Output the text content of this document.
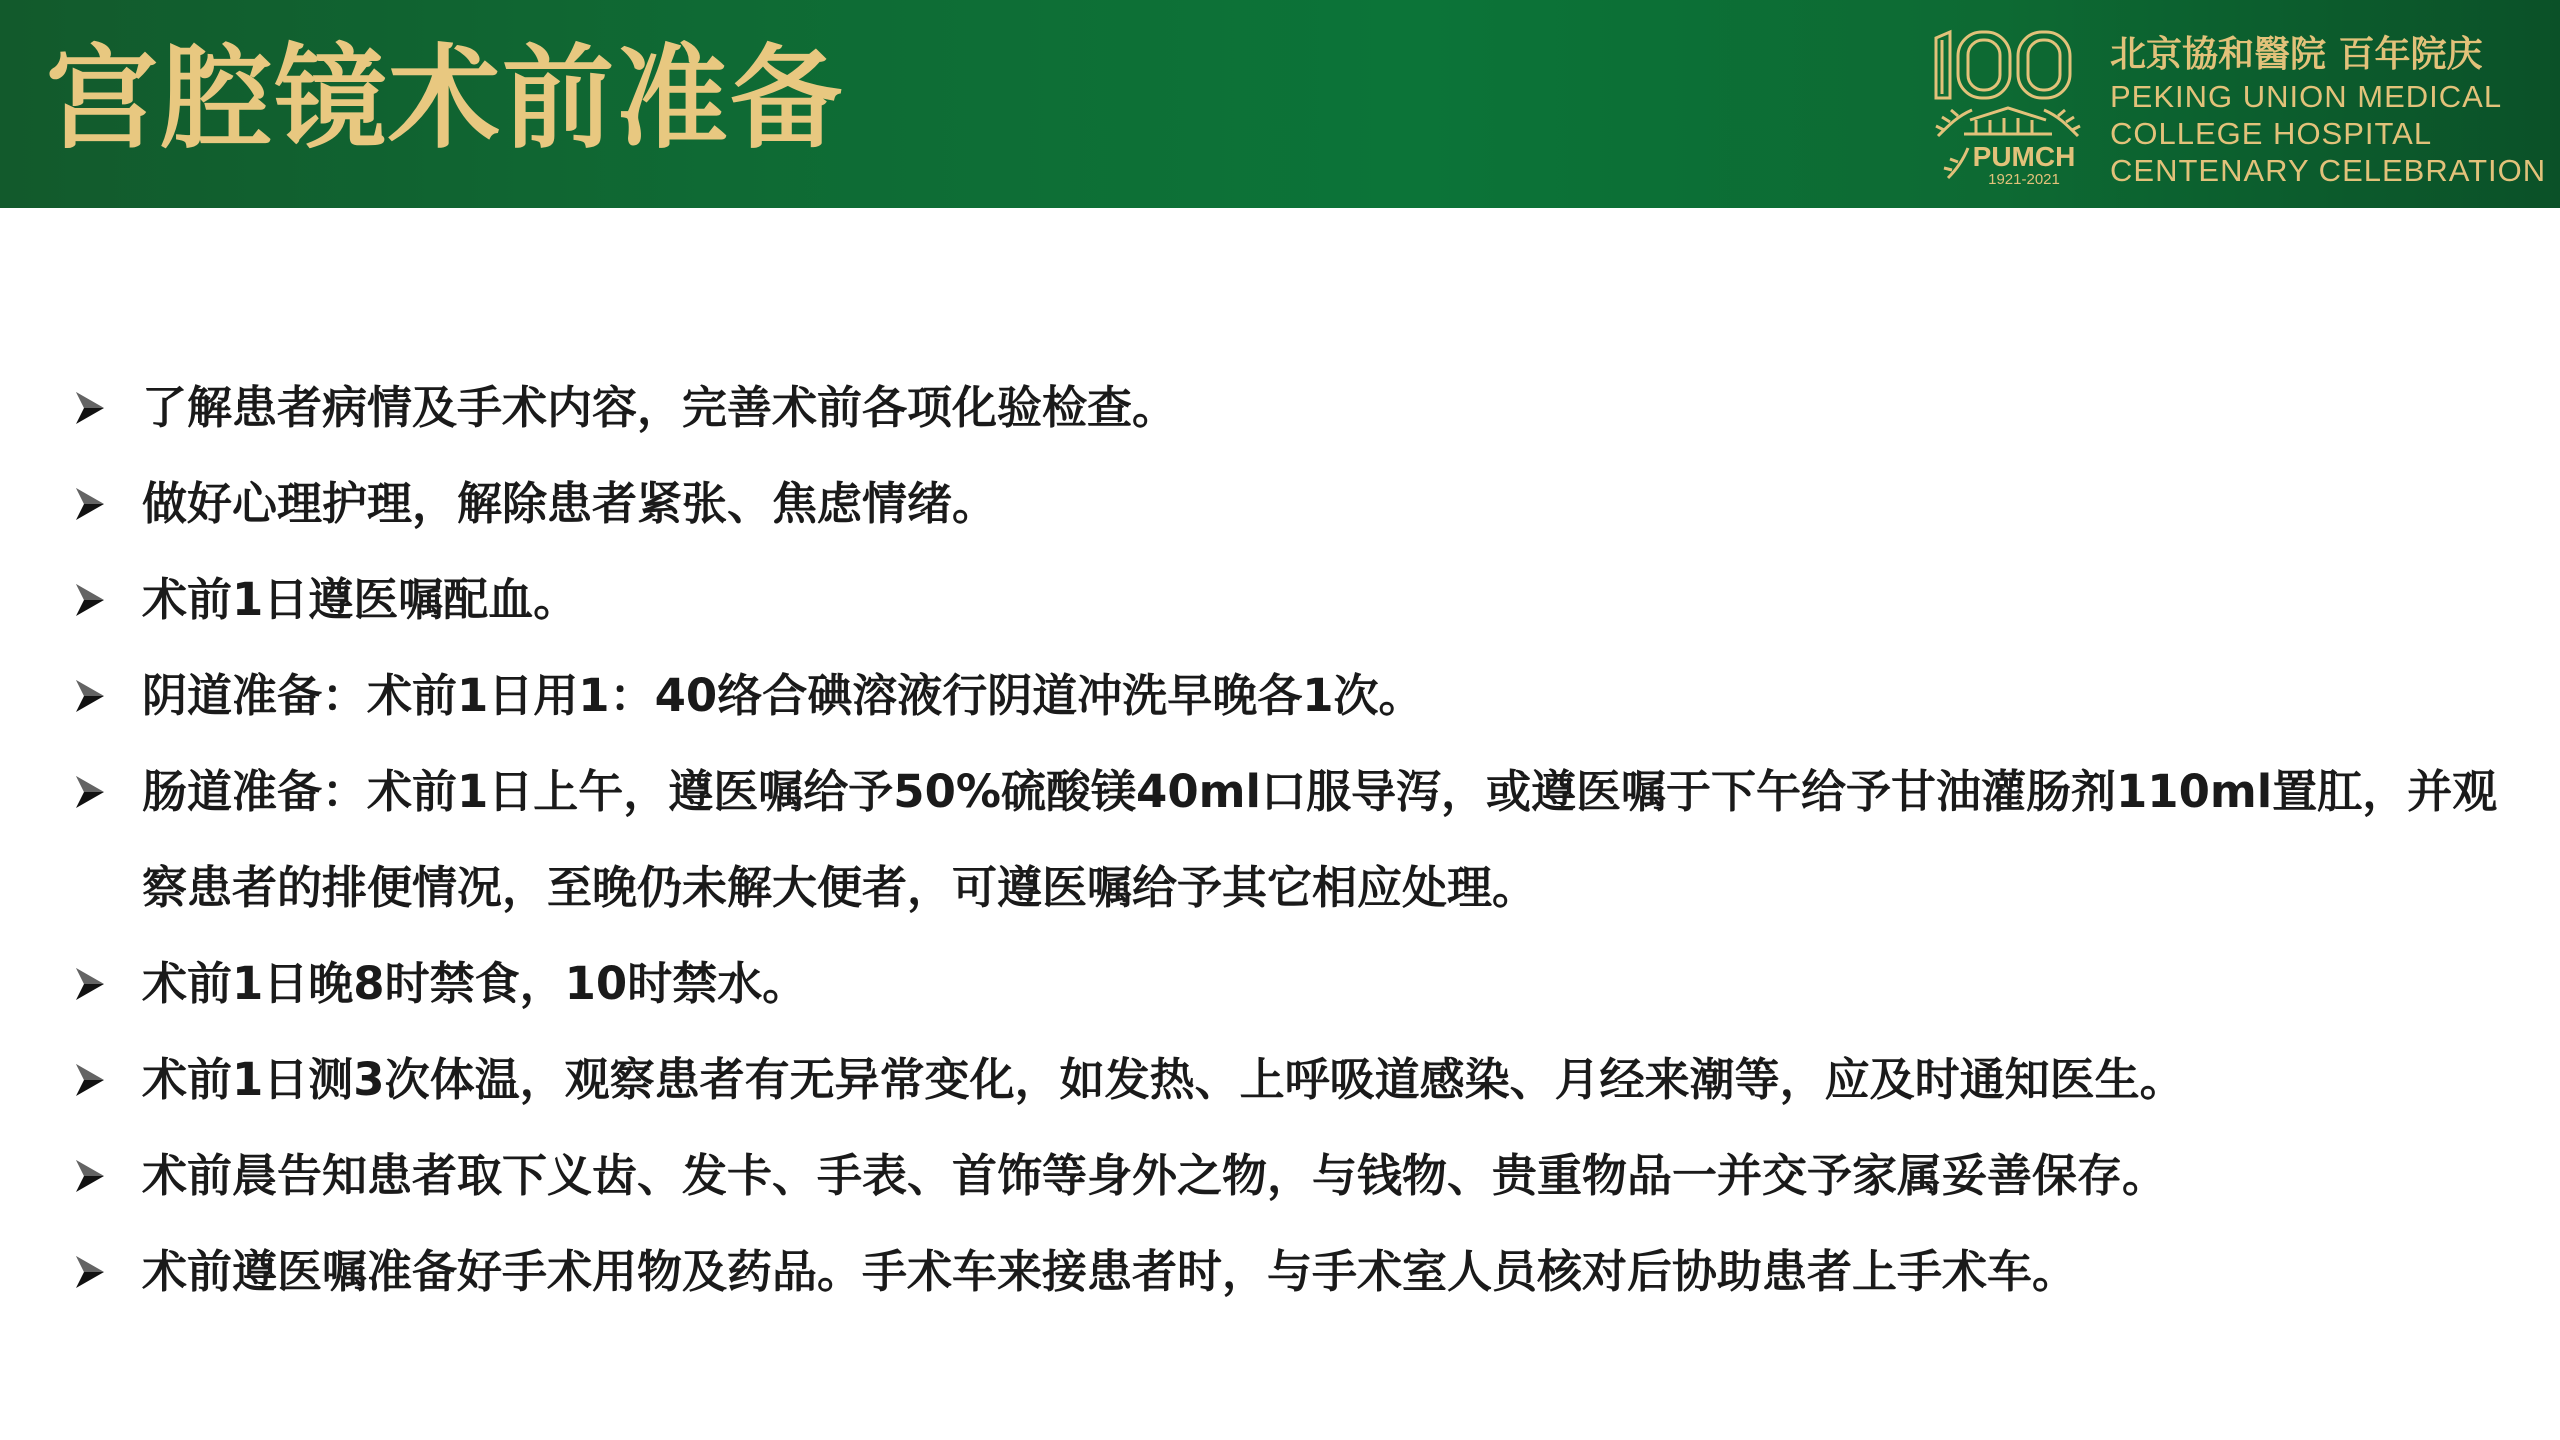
宫腔镜术前准备	PUMCH
1921-2021
北京協和醫院 百年院庆
PEKING UNION MEDICAL
COLLEGE HOSPITAL
CENTENARY CELEBRATION
了解患者病情及手术内容，完善术前各项化验检查。
做好心理护理，解除患者紧张、焦虑情绪。
术前1日遵医嘱配血。
阴道准备：术前1日用1：40络合碘溶液行阴道冲洗早晚各1次。
肠道准备：术前1日上午，遵医嘱给予50%硫酸镁40ml口服导泻，或遵医嘱于下午给予甘油灌肠剂110ml置肛，并观察患者的排便情况，至晚仍未解大便者，可遵医嘱给予其它相应处理。
术前1日晚8时禁食，10时禁水。
术前1日测3次体温，观察患者有无异常变化，如发热、上呼吸道感染、月经来潮等，应及时通知医生。
术前晨告知患者取下义齿、发卡、手表、首饰等身外之物，与钱物、贵重物品一并交予家属妥善保存。
术前遵医嘱准备好手术用物及药品。手术车来接患者时，与手术室人员核对后协助患者上手术车。
